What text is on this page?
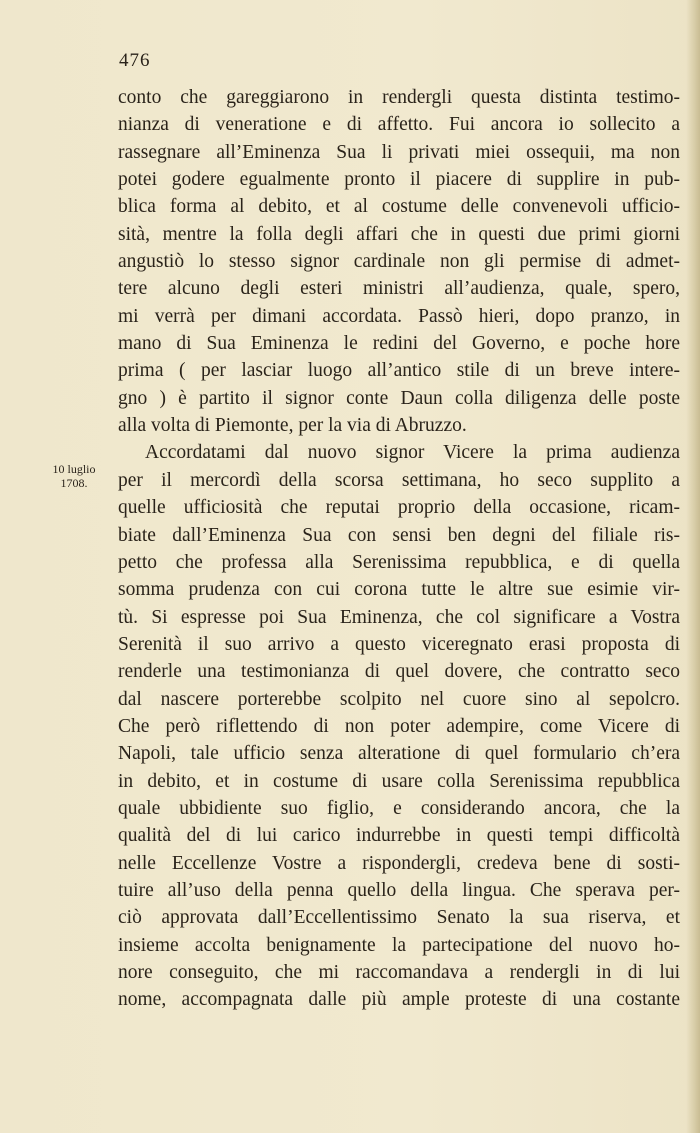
476
10 luglio
1708.
conto che gareggiarono in rendergli questa distinta testimo-
nianza di veneratione e di affetto. Fui ancora io sollecito a
rassegnare all’Eminenza Sua li privati miei ossequii, ma non
potei godere egualmente pronto il piacere di supplire in pub-
blica forma al debito, et al costume delle convenevoli ufficio-
sità, mentre la folla degli affari che in questi due primi giorni
angustiò lo stesso signor cardinale non gli permise di admet-
tere alcuno degli esteri ministri all’audienza, quale, spero,
mi verrà per dimani accordata. Passò hieri, dopo pranzo, in
mano di Sua Eminenza le redini del Governo, e poche hore
prima ( per lasciar luogo all’antico stile di un breve intere-
gno ) è partito il signor conte Daun colla diligenza delle poste
alla volta di Piemonte, per la via di Abruzzo.
Accordatami dal nuovo signor Vicere la prima audienza
per il mercordì della scorsa settimana, ho seco supplito a
quelle ufficiosità che reputai proprio della occasione, ricam-
biate dall’Eminenza Sua con sensi ben degni del filiale ris-
petto che professa alla Serenissima repubblica, e di quella
somma prudenza con cui corona tutte le altre sue esimie vir-
tù. Si espresse poi Sua Eminenza, che col significare a Vostra
Serenità il suo arrivo a questo viceregnato erasi proposta di
renderle una testimonianza di quel dovere, che contratto seco
dal nascere porterebbe scolpito nel cuore sino al sepolcro.
Che però riflettendo di non poter adempire, come Vicere di
Napoli, tale ufficio senza alteratione di quel formulario ch’era
in debito, et in costume di usare colla Serenissima repubblica
quale ubbidiente suo figlio, e considerando ancora, che la
qualità del di lui carico indurrebbe in questi tempi difficoltà
nelle Eccellenze Vostre a rispondergli, credeva bene di sosti-
tuire all’uso della penna quello della lingua. Che sperava per-
ciò approvata dall’Eccellentissimo Senato la sua riserva, et
insieme accolta benignamente la partecipatione del nuovo ho-
nore conseguito, che mi raccomandava a rendergli in di lui
nome, accompagnata dalle più ample proteste di una costante
